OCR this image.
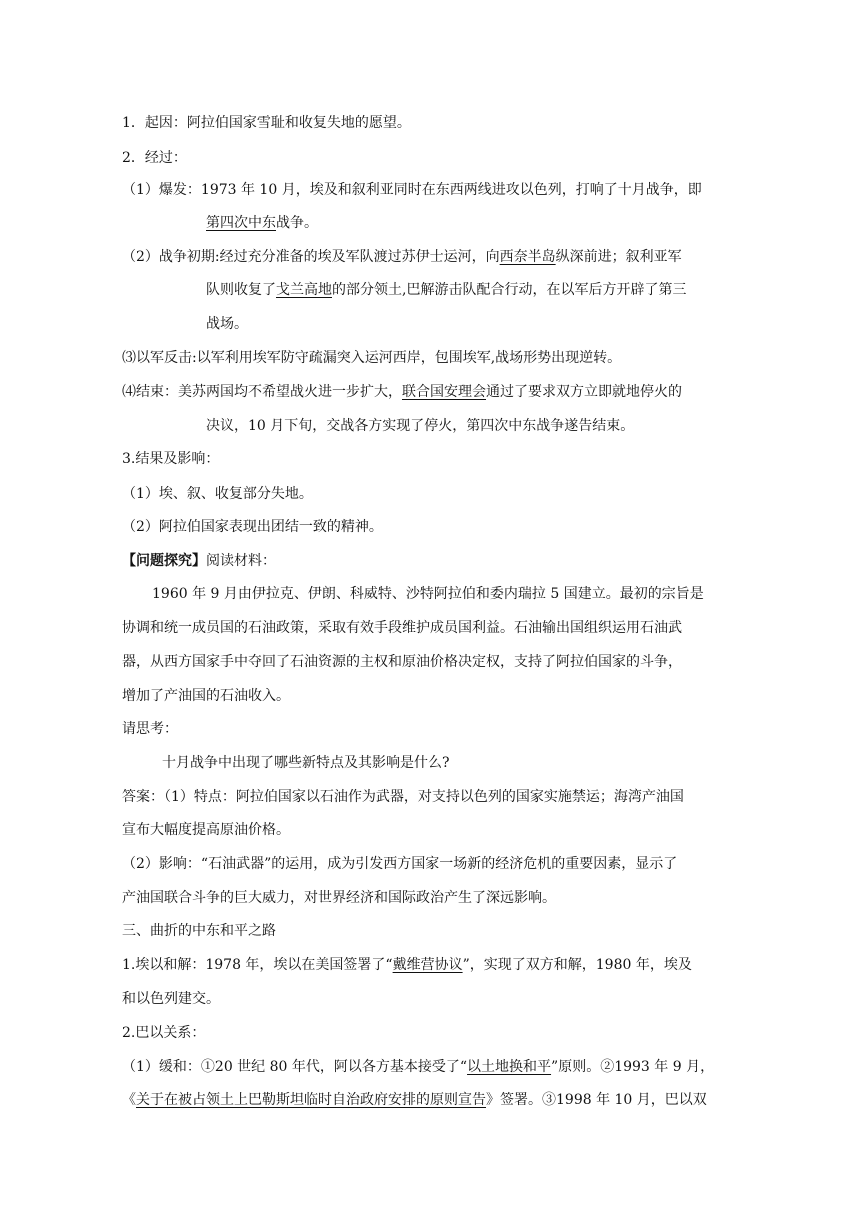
1．起因：阿拉伯国家雪耻和收复失地的愿望。
2．经过：
（1）爆发：1973 年 10 月，埃及和叙利亚同时在东西两线进攻以色列，打响了十月战争，即
第四次中东战争。
（2）战争初期:经过充分准备的埃及军队渡过苏伊士运河，向西奈半岛纵深前进；叙利亚军
队则收复了戈兰高地的部分领土,巴解游击队配合行动，在以军后方开辟了第三
战场。
⑶以军反击:以军利用埃军防守疏漏突入运河西岸，包围埃军,战场形势出现逆转。
⑷结束：美苏两国均不希望战火进一步扩大，联合国安理会通过了要求双方立即就地停火的
决议，10 月下旬，交战各方实现了停火，第四次中东战争遂告结束。
3.结果及影响：
（1）埃、叙、收复部分失地。
（2）阿拉伯国家表现出团结一致的精神。
【问题探究】阅读材料：
1960 年 9 月由伊拉克、伊朗、科威特、沙特阿拉伯和委内瑞拉 5 国建立。最初的宗旨是
协调和统一成员国的石油政策，采取有效手段维护成员国利益。石油输出国组织运用石油武
器，从西方国家手中夺回了石油资源的主权和原油价格决定权，支持了阿拉伯国家的斗争，
增加了产油国的石油收入。
请思考：
十月战争中出现了哪些新特点及其影响是什么?
答案：（1）特点：阿拉伯国家以石油作为武器，对支持以色列的国家实施禁运；海湾产油国
宣布大幅度提高原油价格。
（2）影响：“石油武器”的运用，成为引发西方国家一场新的经济危机的重要因素，显示了
产油国联合斗争的巨大威力，对世界经济和国际政治产生了深远影响。
三、曲折的中东和平之路
1.埃以和解：1978 年，埃以在美国签署了“戴维营协议”，实现了双方和解，1980 年，埃及
和以色列建交。
2.巴以关系：
（1）缓和：①20 世纪 80 年代，阿以各方基本接受了“以土地换和平”原则。②1993 年 9 月，
《关于在被占领土上巴勒斯坦临时自治政府安排的原则宣告》签署。③1998 年 10 月，巴以双
